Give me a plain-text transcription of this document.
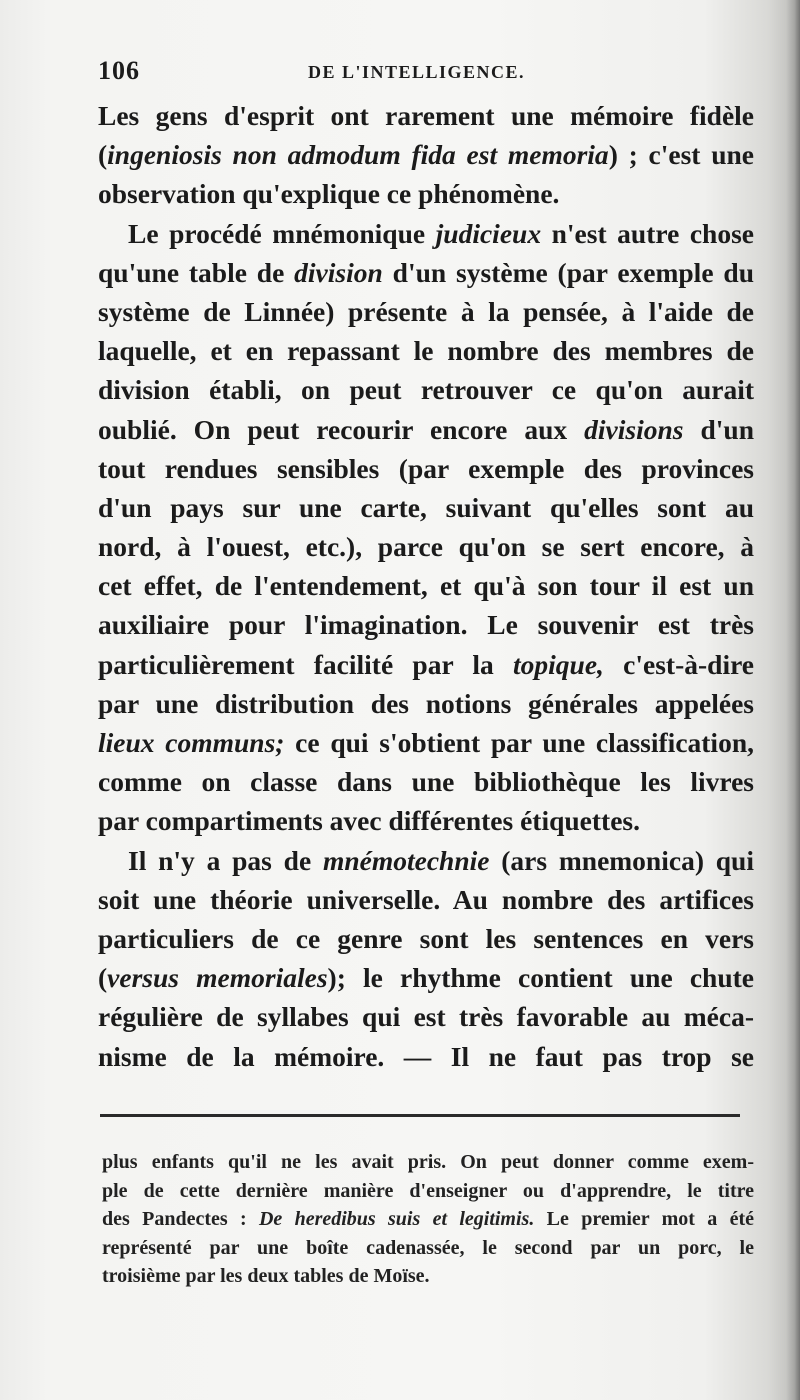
106	DE L'INTELLIGENCE.
Les gens d'esprit ont rarement une mémoire fidèle
(ingeniosis non admodum fida est memoria) ; c'est une
observation qu'explique ce phénomène.
Le procédé mnémonique judicieux n'est autre chose
qu'une table de division d'un système (par exemple du
système de Linnée) présente à la pensée, à l'aide de
laquelle, et en repassant le nombre des membres de
division établi, on peut retrouver ce qu'on aurait
oublié. On peut recourir encore aux divisions d'un
tout rendues sensibles (par exemple des provinces
d'un pays sur une carte, suivant qu'elles sont au
nord, à l'ouest, etc.), parce qu'on se sert encore, à
cet effet, de l'entendement, et qu'à son tour il est un
auxiliaire pour l'imagination. Le souvenir est très
particulièrement facilité par la topique, c'est-à-dire
par une distribution des notions générales appelées
lieux communs; ce qui s'obtient par une classification,
comme on classe dans une bibliothèque les livres
par compartiments avec différentes étiquettes.
Il n'y a pas de mnémotechnie (ars mnemonica) qui
soit une théorie universelle. Au nombre des artifices
particuliers de ce genre sont les sentences en vers
(versus memoriales); le rhythme contient une chute
régulière de syllabes qui est très favorable au méca-
nisme de la mémoire. — Il ne faut pas trop se
plus enfants qu'il ne les avait pris. On peut donner comme exem-
ple de cette dernière manière d'enseigner ou d'apprendre, le titre
des Pandectes : De heredibus suis et legitimis. Le premier mot a été
représenté par une boîte cadenassée, le second par un porc, le
troisième par les deux tables de Moïse.
